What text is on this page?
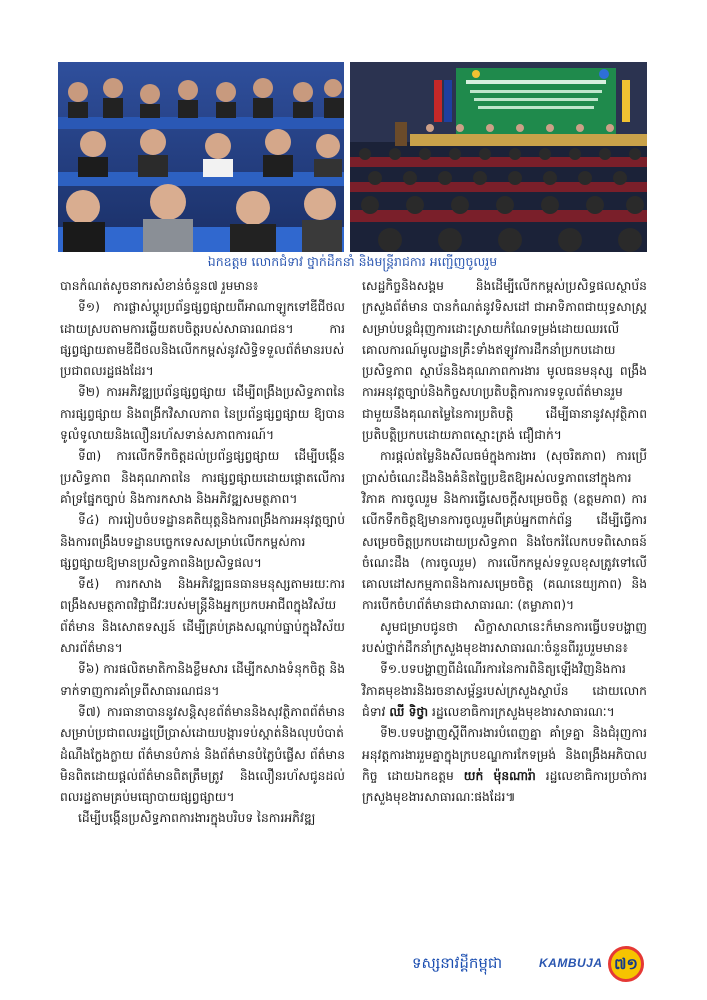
ឯកឧត្តម លោកជំទាវ ថ្នាក់ដឹកនាំ និងមន្ត្រីរាជការ អញ្ជើញចូលរួម

បានកំណត់សូចនាករសំខាន់ចំនួន៧ រួមមាន៖

ទី១) ការផ្លាស់ប្តូរប្រព័ន្ធផ្សព្វផ្សាយពីអាណាឡូកទៅឌីជីថល ដោយស្របតាមការឆ្លើយតបចិត្តរបស់សាធារណជន។ ការផ្សព្វផ្សាយតាមឌីជីថលនិងលើកកម្ពស់នូវសិទ្ធិទទួលព័ត៌មានរបស់ប្រជាពលរដ្ឋផងដែរ។

ទី២) ការអភិវឌ្ឍប្រព័ន្ធផ្សព្វផ្សាយ ដើម្បីពង្រឹងប្រសិទ្ធភាពនៃការផ្សព្វផ្សាយ និងពង្រីកវិសាលភាព នៃប្រព័ន្ធផ្សព្វផ្សាយ ឱ្យបានទូលំទូលាយនិងលឿនរហ័សទាន់សភាពការណ៍។

ទី៣) ការលើកទឹកចិត្តដល់ប្រព័ន្ធផ្សព្វផ្សាយ ដើម្បីបង្កើនប្រសិទ្ធភាព និងគុណភាពនៃ ការផ្សព្វផ្សាយដោយផ្តោតលើការគាំទ្រផ្នែកច្បាប់ និងការកសាង និងអភិវឌ្ឍសមត្ថភាព។

ទី៤) ការរៀបចំបទដ្ឋានគតិយុត្តនិងការពង្រឹងការអនុវត្តច្បាប់និងការពង្រឹងបទដ្ឋានបច្ចេកទេសសម្រាប់លើកកម្ពស់ការផ្សព្វផ្សាយឱ្យមានប្រសិទ្ធភាពនិងប្រសិទ្ធផល។

ទី៥) ការកសាង និងអភិវឌ្ឍធនធានមនុស្សតាមរយៈការពង្រឹងសមត្ថភាពវិជ្ជាជីវៈរបស់មន្ត្រីនិងអ្នកប្រកបអាជីពក្នុងវិស័យព័ត៌មាន និងសោតទស្សន៍ ដើម្បីគ្រប់គ្រងសណ្តាប់ធ្នាប់ក្នុងវិស័យសារព័ត៌មាន។

ទី៦) ការផលិតមាតិកានិងខ្លឹមសារ ដើម្បីកសាងទំនុកចិត្ត និងទាក់ទាញការគាំទ្រពីសាធារណជន។

ទី៧) ការធានាបាននូវសន្តិសុខព័ត៌មាននិងសុវត្ថិភាពព័ត៌មានសម្រាប់ប្រជាពលរដ្ឋប្រើប្រាស់ដោយបង្ការទប់ស្កាត់និងលុបបំបាត់ដំណឹងក្លែងក្លាយ ព័ត៌មានបំភាន់ និងព័ត៌មានបំភ្លៃបំផ្លើស ព័ត៌មានមិនពិតដោយផ្តល់ព័ត៌មានពិតត្រឹមត្រូវ និងលឿនរហ័សជូនដល់ពលរដ្ឋតាមគ្រប់មធ្យោបាយផ្សព្វផ្សាយ។

ដើម្បីបង្កើនប្រសិទ្ធភាពការងារក្នុងបរិបទ នៃការអភិវឌ្ឍ

សេដ្ឋកិច្ចនិងសង្គម និងដើម្បីលើកកម្ពស់ប្រសិទ្ធផលស្ថាប័នក្រសួងព័ត៌មាន បានកំណត់នូវទិសដៅ ជាអាទិភាពជាយុទ្ធសាស្ត្រសម្រាប់បន្តជំរុញការដោះស្រាយកំណែទម្រង់ដោយឈរលើគោលការណ៍មូលដ្ឋានគ្រឹះទាំងឥឡូវការដឹកនាំប្រកបដោយប្រសិទ្ធភាព ស្ថាប័ននិងគុណភាពការងារ មូលធនមនុស្ស ពង្រឹងការអនុវត្តច្បាប់និងកិច្ចសហប្រតិបត្តិការការទទួលព័ត៌មានរួមជាមួយនឹងគុណតម្លៃនៃការប្រតិបត្តិ ដើម្បីធានានូវសុវត្ថិភាពប្រតិបត្តិប្រកបដោយភាពស្មោះត្រង់ ជឿជាក់។

ការផ្តល់តម្លៃនិងសីលធម៌ក្នុងការងារ (សុចរិតភាព) ការប្រើប្រាស់ចំណេះដឹងនិងគំនិតច្នៃប្រឌិតឱ្យអស់លទ្ធភាពនៅក្នុងការវិភាគ ការចូលរួម និងការធ្វើសេចក្តីសម្រេចចិត្ត (ឧត្តមភាព) ការលើកទឹកចិត្តឱ្យមានការចូលរួមពីគ្រប់អ្នកពាក់ព័ន្ធ ដើម្បីធ្វើការសម្រេចចិត្តប្រកបដោយប្រសិទ្ធភាព និងចែករំលែកបទពិសោធន៍ចំណេះដឹង (ការចូលរួម) ការលើកកម្ពស់ទទួលខុសត្រូវទៅលើគោលដៅសកម្មភាពនិងការសម្រេចចិត្ត (គណនេយ្យភាព) និងការបើកចំហព័ត៌មានជាសាធារណៈ (តម្លាភាព)។

សូមជម្រាបជូនថា សិក្ខាសាលានេះក៏មានការធ្វើបទបង្ហាញរបស់ថ្នាក់ដឹកនាំក្រសួងមុខងារសាធារណៈចំនួនពីររួបរួមមាន៖

ទី១.បទបង្ហាញពីដំណើរការនៃការពិនិត្យឡើងវិញនិងការវិភាគមុខងារនិងរចនាសម្ព័ន្ធរបស់ក្រសួងស្ថាប័ន ដោយលោកជំទាវ ឈី ទិថ្វា រដ្ឋលេខាធិការក្រសួងមុខងារសាធារណៈ។

ទី២.បទបង្ហាញស្តីពីការងារបំពេញគ្នា គាំទ្រគ្នា និងជំរុញការអនុវត្តការងាររួមគ្នាក្នុងក្របខណ្ឌការកែទម្រង់ និងពង្រឹងអភិបាលកិច្ច ដោយឯកឧត្តម យក់ ម៉ុនណារ៉ា រដ្ឋលេខាធិការប្រចាំការក្រសួងមុខងារសាធារណៈផងដែរ៕

ទស្សនាវដ្តីកម្ពុជា	KAMBUJA ៧១
